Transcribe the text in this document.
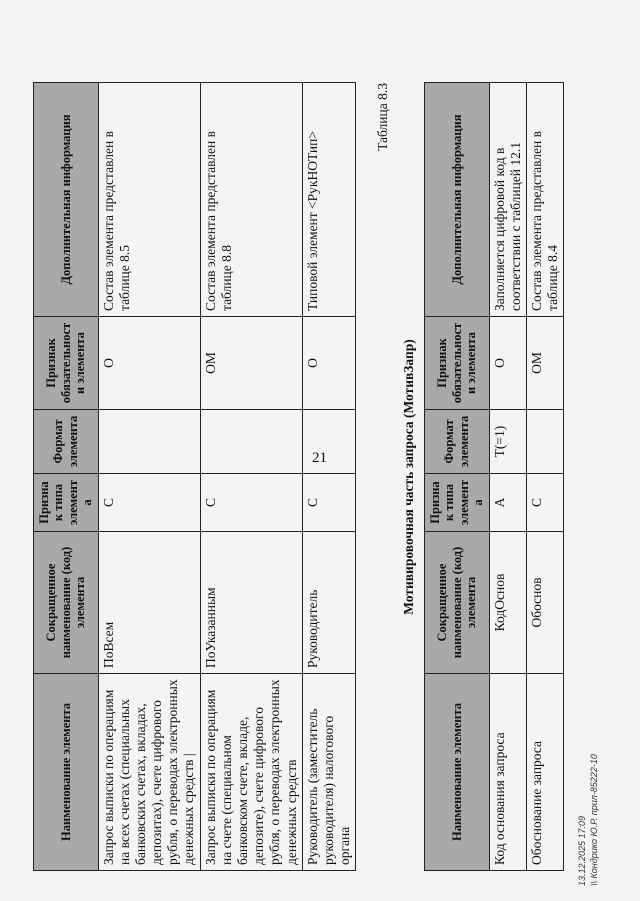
21
Наименование элемента	Сокращенное наименование (код) элемента	Признак типа элемента	Формат элемента	Признак обязательности элемента	Дополнительная информация
Запрос выписки по операциям на всех счетах (специальных банковских счетах, вкладах, депозитах), счете цифрового рубля, о переводах электронных денежных средств |	ПоВсем	С		О	Состав элемента представлен в таблице 8.5
Запрос выписки по операциям на счете (специальном банковском счете, вкладе, депозите), счете цифрового рубля, о переводах электронных денежных средств	ПоУказанным	С		ОМ	Состав элемента представлен в таблице 8.8
Руководитель (заместитель руководителя) налогового органа	Руководитель	С		О	Типовой элемент <РукНОТип>
Таблица 8.3
Мотивировочная часть запроса (МотивЗапр)
Наименование элемента	Сокращенное наименование (код) элемента	Признак типа элемента	Формат элемента	Признак обязательности элемента	Дополнительная информация
Код основания запроса	КодОснов	А	Т(=1)	О	Заполняется цифровой код в соответствии с таблицей 12.1
Обоснование запроса	Обоснов	С		ОМ	Состав элемента представлен в таблице 8.4
13.12.2025 17:09 \\ Кондрико Ю.Р. прил-85222-10
